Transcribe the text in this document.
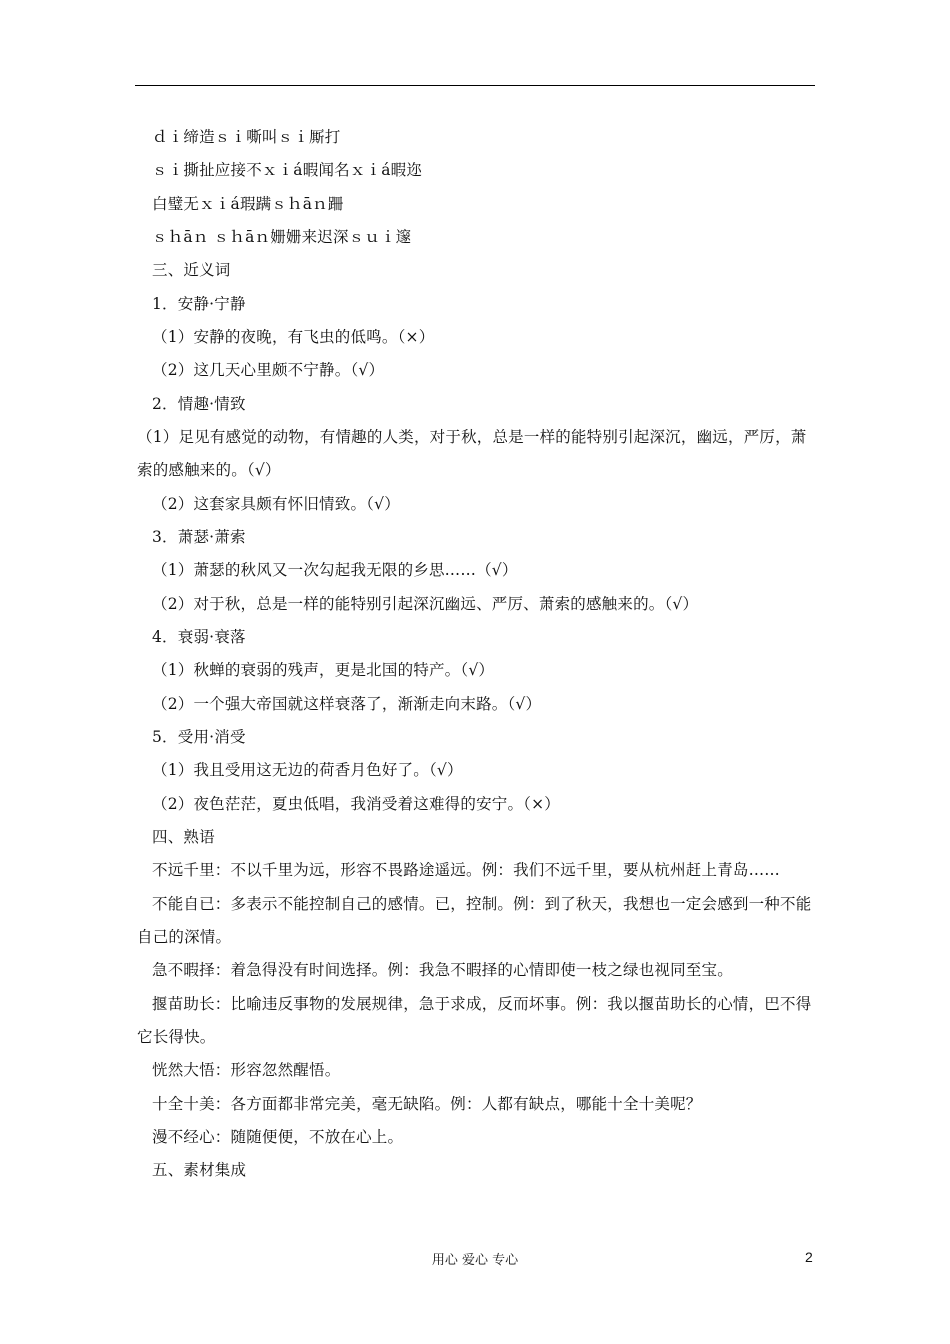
ｄｉ缔造ｓｉ嘶叫ｓｉ厮打
ｓｉ撕扯应接不ｘｉá暇闻名ｘｉá暇迩
白璧无ｘｉá瑕蹒ｓｈāｎ跚
ｓｈāｎ ｓｈāｎ姗姗来迟深ｓｕｉ邃
三、近义词
1．安静·宁静
（1）安静的夜晚，有飞虫的低鸣。（×）
（2）这几天心里颇不宁静。（√）
2．情趣·情致
（1）足见有感觉的动物，有情趣的人类，对于秋，总是一样的能特别引起深沉，幽远，严厉，萧
索的感触来的。（√）
（2）这套家具颇有怀旧情致。（√）
3．萧瑟·萧索
（1）萧瑟的秋风又一次勾起我无限的乡思……（√）
（2）对于秋，总是一样的能特别引起深沉幽远、严厉、萧索的感触来的。（√）
4．衰弱·衰落
（1）秋蝉的衰弱的残声，更是北国的特产。（√）
（2）一个强大帝国就这样衰落了，渐渐走向末路。（√）
5．受用·消受
（1）我且受用这无边的荷香月色好了。（√）
（2）夜色茫茫，夏虫低唱，我消受着这难得的安宁。（×）
四、熟语
不远千里：不以千里为远，形容不畏路途遥远。例：我们不远千里，要从杭州赶上青岛……
不能自已：多表示不能控制自己的感情。已，控制。例：到了秋天，我想也一定会感到一种不能
自己的深情。
急不暇择：着急得没有时间选择。例：我急不暇择的心情即使一枝之绿也视同至宝。
揠苗助长：比喻违反事物的发展规律，急于求成，反而坏事。例：我以揠苗助长的心情，巴不得
它长得快。
恍然大悟：形容忽然醒悟。
十全十美：各方面都非常完美，毫无缺陷。例：人都有缺点，哪能十全十美呢？
漫不经心：随随便便，不放在心上。
五、素材集成
用心 爱心 专心	2
